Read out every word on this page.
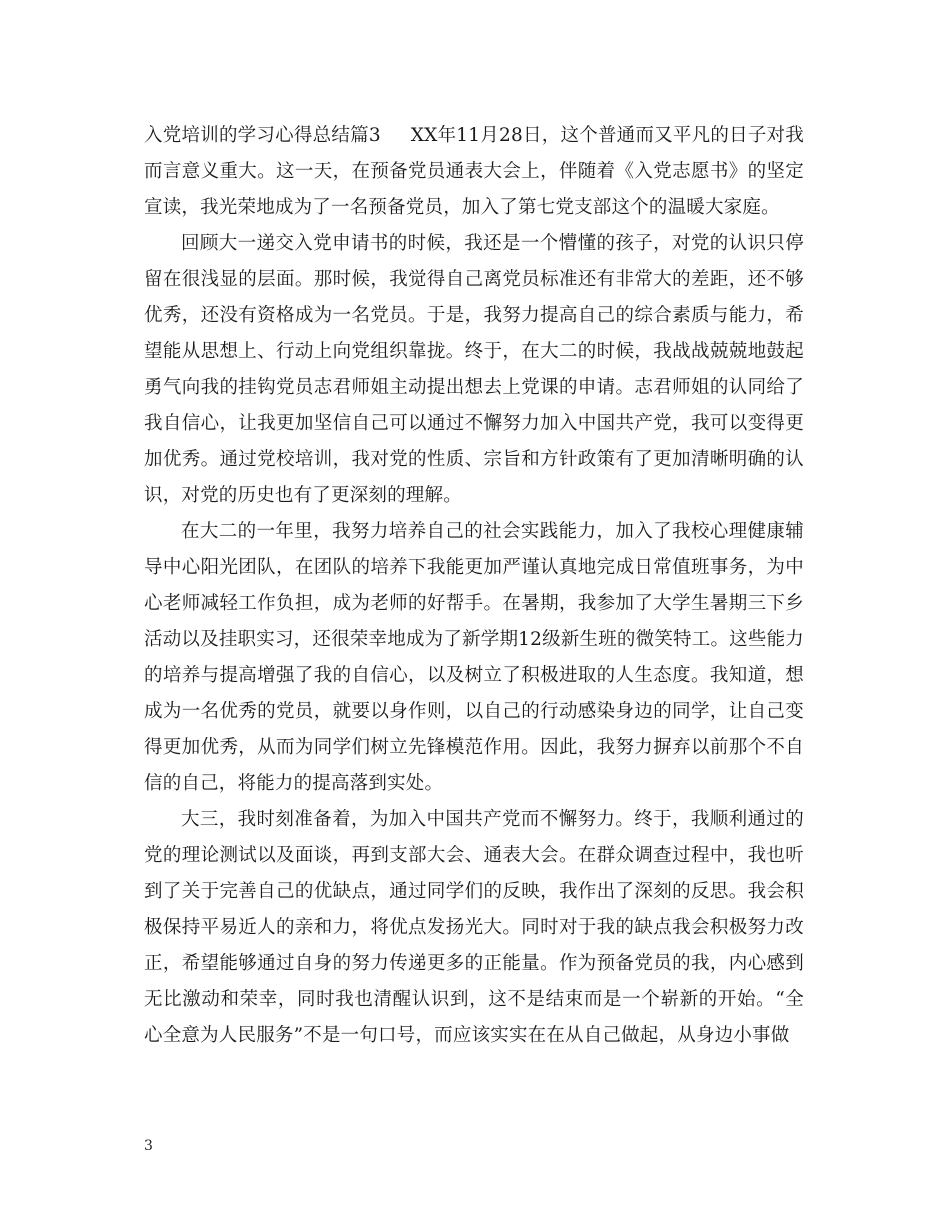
入党培训的学习心得总结篇3 XX年11月28日，这个普通而又平凡的日子对我而言意义重大。这一天，在预备党员通表大会上，伴随着《入党志愿书》的坚定宣读，我光荣地成为了一名预备党员，加入了第七党支部这个的温暖大家庭。

回顾大一递交入党申请书的时候，我还是一个懵懂的孩子，对党的认识只停留在很浅显的层面。那时候，我觉得自己离党员标准还有非常大的差距，还不够优秀，还没有资格成为一名党员。于是，我努力提高自己的综合素质与能力，希望能从思想上、行动上向党组织靠拢。终于，在大二的时候，我战战兢兢地鼓起勇气向我的挂钩党员志君师姐主动提出想去上党课的申请。志君师姐的认同给了我自信心，让我更加坚信自己可以通过不懈努力加入中国共产党，我可以变得更加优秀。通过党校培训，我对党的性质、宗旨和方针政策有了更加清晰明确的认识，对党的历史也有了更深刻的理解。

在大二的一年里，我努力培养自己的社会实践能力，加入了我校心理健康辅导中心阳光团队，在团队的培养下我能更加严谨认真地完成日常值班事务，为中心老师减轻工作负担，成为老师的好帮手。在暑期，我参加了大学生暑期三下乡活动以及挂职实习，还很荣幸地成为了新学期12级新生班的微笑特工。这些能力的培养与提高增强了我的自信心，以及树立了积极进取的人生态度。我知道，想成为一名优秀的党员，就要以身作则，以自己的行动感染身边的同学，让自己变得更加优秀，从而为同学们树立先锋模范作用。因此，我努力摒弃以前那个不自信的自己，将能力的提高落到实处。

大三，我时刻准备着，为加入中国共产党而不懈努力。终于，我顺利通过的党的理论测试以及面谈，再到支部大会、通表大会。在群众调查过程中，我也听到了关于完善自己的优缺点，通过同学们的反映，我作出了深刻的反思。我会积极保持平易近人的亲和力，将优点发扬光大。同时对于我的缺点我会积极努力改正，希望能够通过自身的努力传递更多的正能量。作为预备党员的我，内心感到无比激动和荣幸，同时我也清醒认识到，这不是结束而是一个崭新的开始。“全心全意为人民服务”不是一句口号，而应该实实在在从自己做起，从身边小事做

3
